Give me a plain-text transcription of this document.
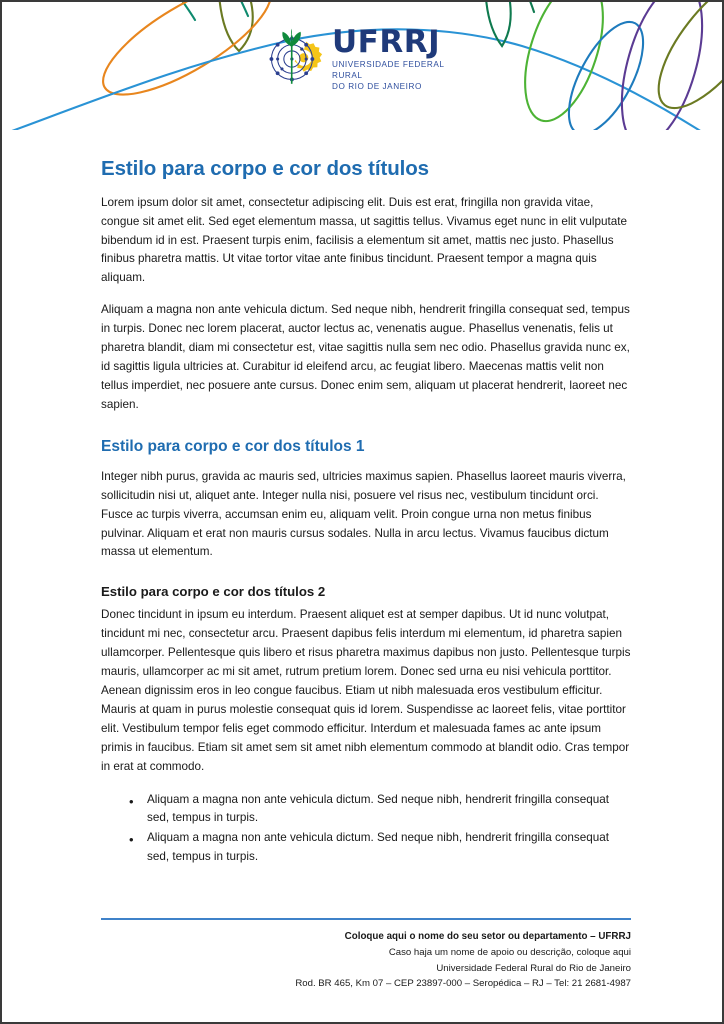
UFRRJ
UNIVERSIDADE FEDERAL RURAL
DO RIO DE JANEIRO
Estilo para corpo e cor dos títulos

Lorem ipsum dolor sit amet, consectetur adipiscing elit. Duis est erat, fringilla non gravida vitae, congue sit amet elit. Sed eget elementum massa, ut sagittis tellus. Vivamus eget nunc in elit vulputate bibendum id in est. Praesent turpis enim, facilisis a elementum sit amet, mattis nec justo. Phasellus finibus pharetra mattis. Ut vitae tortor vitae ante finibus tincidunt. Praesent tempor a magna quis aliquam.

Aliquam a magna non ante vehicula dictum. Sed neque nibh, hendrerit fringilla consequat sed, tempus in turpis. Donec nec lorem placerat, auctor lectus ac, venenatis augue. Phasellus venenatis, felis ut pharetra blandit, diam mi consectetur est, vitae sagittis nulla sem nec odio. Phasellus gravida nunc ex, id sagittis ligula ultricies at. Curabitur id eleifend arcu, ac feugiat libero. Maecenas mattis velit non tellus imperdiet, nec posuere ante cursus. Donec enim sem, aliquam ut placerat hendrerit, laoreet nec sapien.

Estilo para corpo e cor dos títulos 1

Integer nibh purus, gravida ac mauris sed, ultricies maximus sapien. Phasellus laoreet mauris viverra, sollicitudin nisi ut, aliquet ante. Integer nulla nisi, posuere vel risus nec, vestibulum tincidunt orci. Fusce ac turpis viverra, accumsan enim eu, aliquam velit. Proin congue urna non metus finibus pulvinar. Aliquam et erat non mauris cursus sodales. Nulla in arcu lectus. Vivamus faucibus dictum massa ut elementum.

Estilo para corpo e cor dos títulos 2

Donec tincidunt in ipsum eu interdum. Praesent aliquet est at semper dapibus. Ut id nunc volutpat, tincidunt mi nec, consectetur arcu. Praesent dapibus felis interdum mi elementum, id pharetra sapien ullamcorper. Pellentesque quis libero et risus pharetra maximus dapibus non justo. Pellentesque turpis mauris, ullamcorper ac mi sit amet, rutrum pretium lorem. Donec sed urna eu nisi vehicula porttitor. Aenean dignissim eros in leo congue faucibus. Etiam ut nibh malesuada eros vestibulum efficitur. Mauris at quam in purus molestie consequat quis id lorem. Suspendisse ac laoreet felis, vitae porttitor elit. Vestibulum tempor felis eget commodo efficitur. Interdum et malesuada fames ac ante ipsum primis in faucibus. Etiam sit amet sem sit amet nibh elementum commodo at blandit odio. Cras tempor in erat at commodo.

• Aliquam a magna non ante vehicula dictum. Sed neque nibh, hendrerit fringilla consequat sed, tempus in turpis.
• Aliquam a magna non ante vehicula dictum. Sed neque nibh, hendrerit fringilla consequat sed, tempus in turpis.
Coloque aqui o nome do seu setor ou departamento – UFRRJ
Caso haja um nome de apoio ou descrição, coloque aqui
Universidade Federal Rural do Rio de Janeiro
Rod. BR 465, Km 07 – CEP 23897-000 – Seropédica – RJ – Tel: 21 2681-4987
